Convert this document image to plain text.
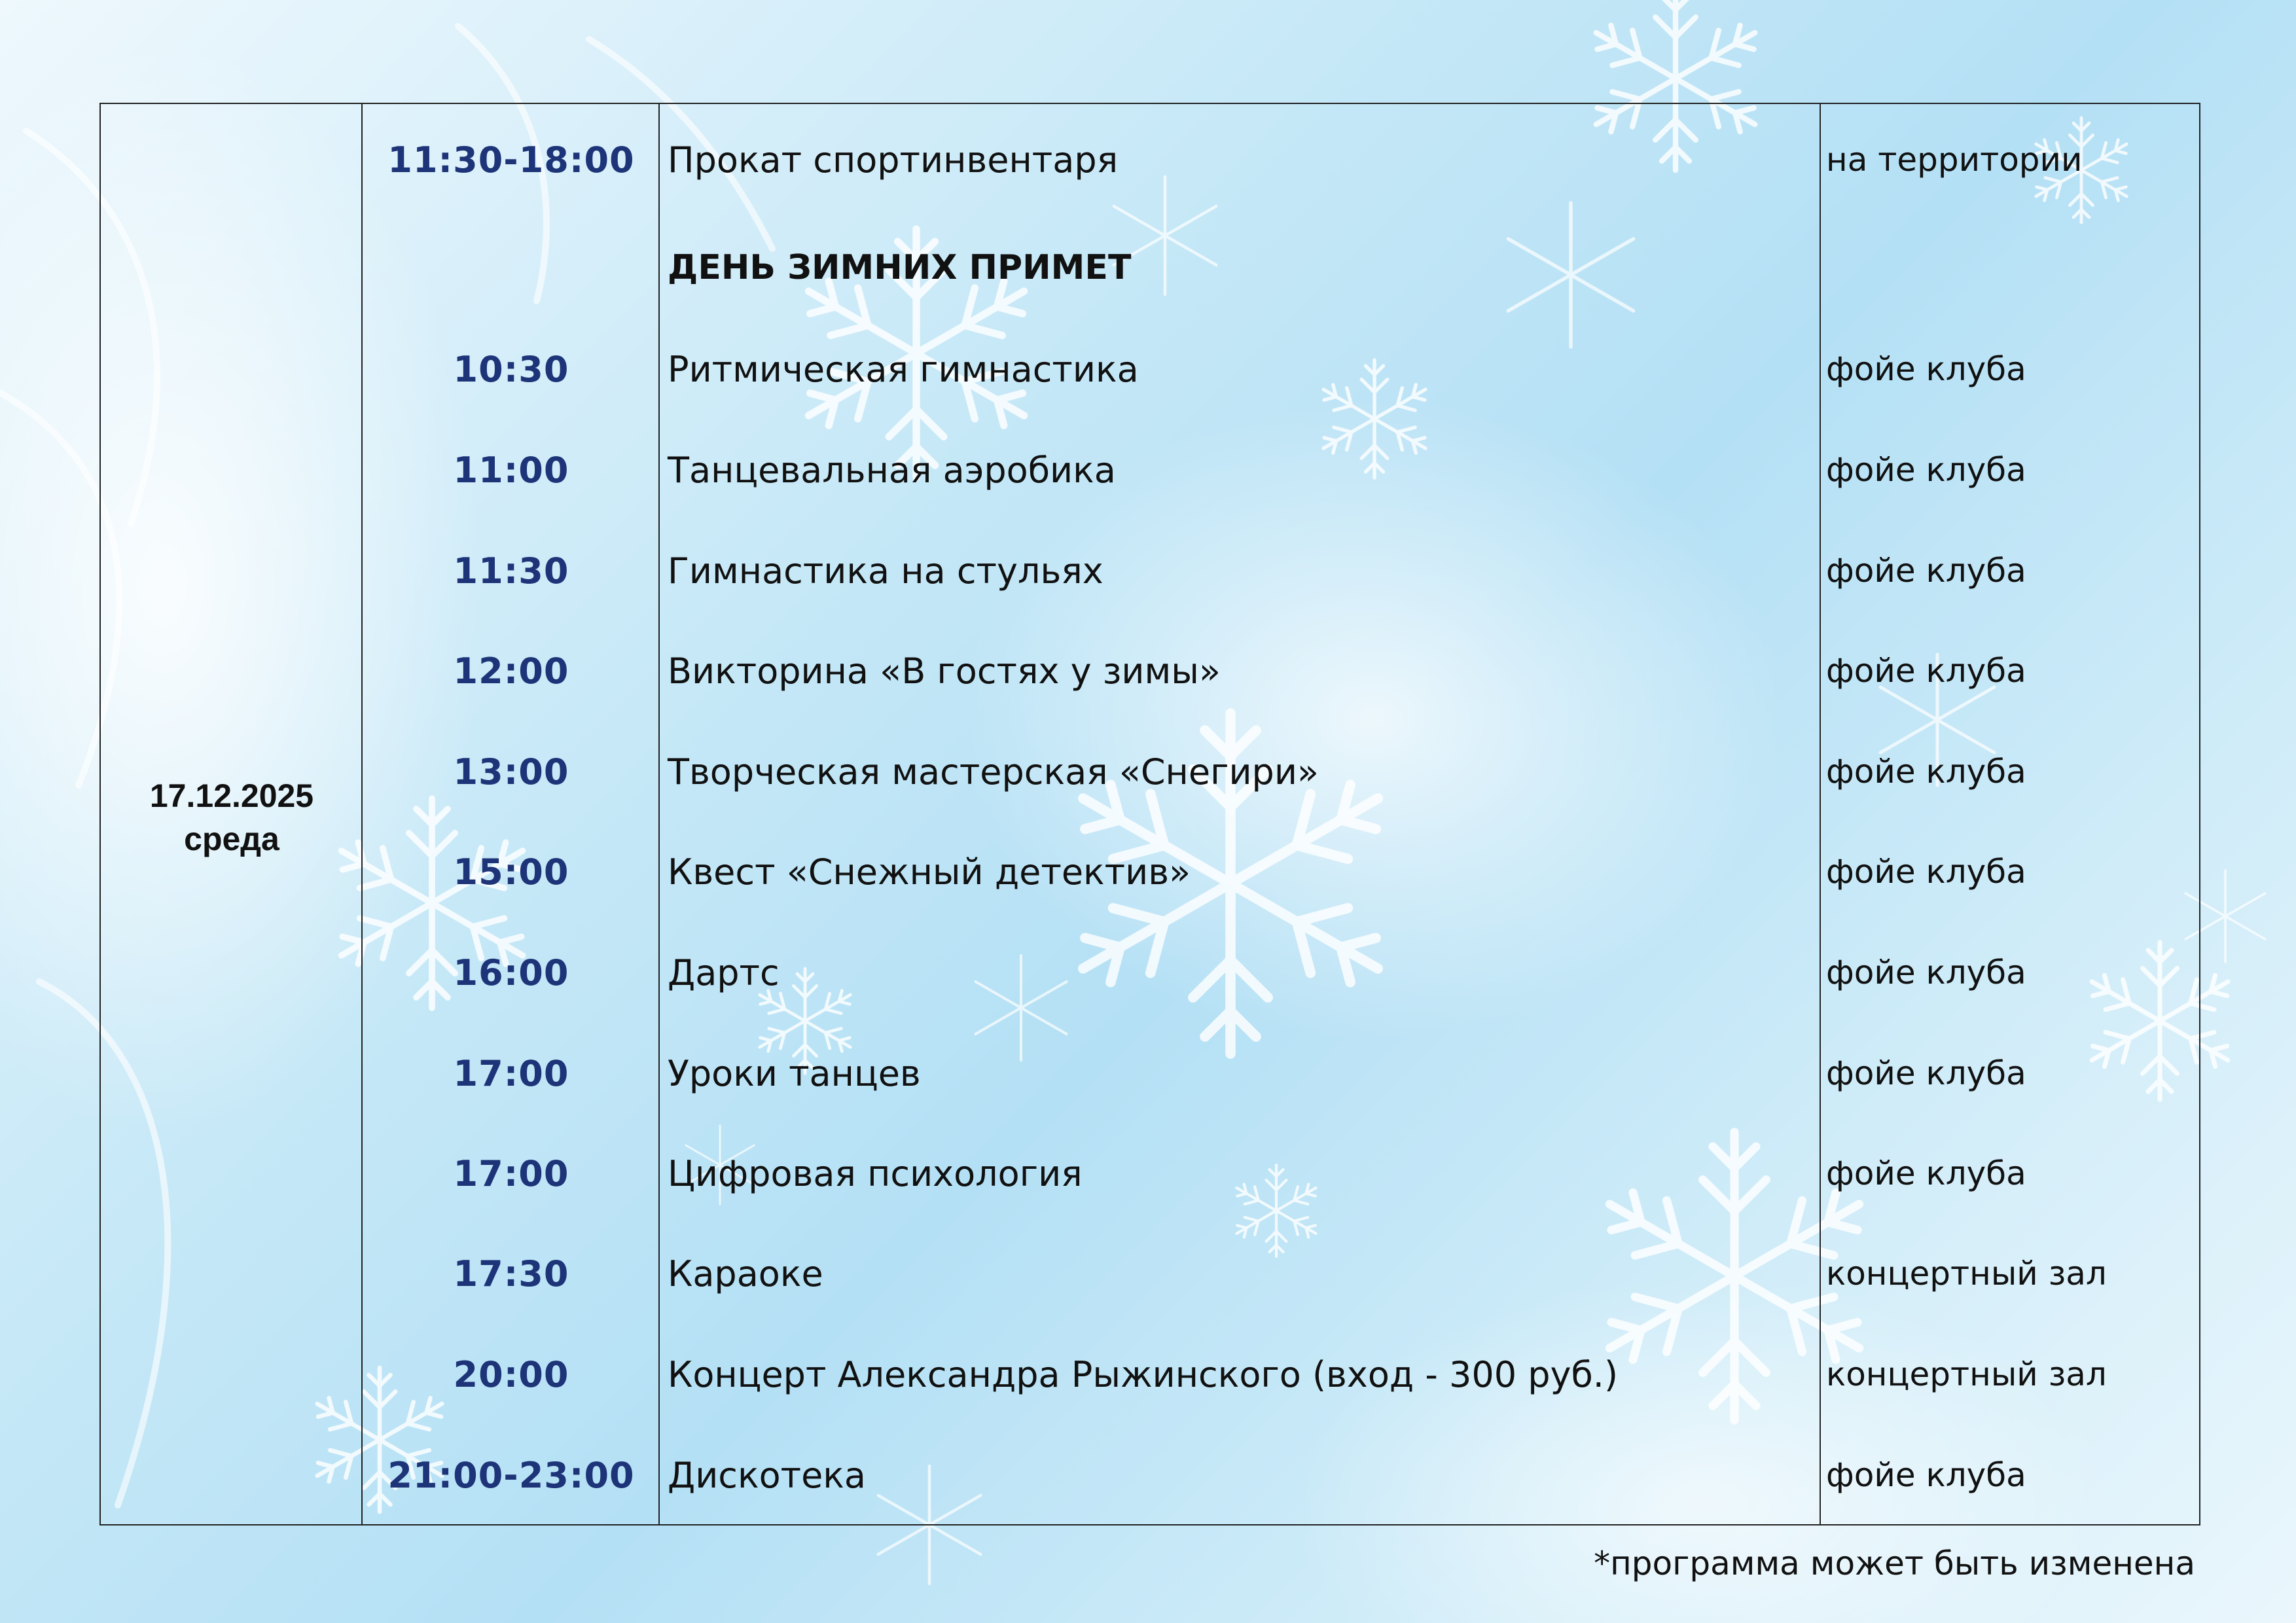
17.12.2025
среда
11:30-18:00 Прокат спортинвентаря	на территории
ДЕНЬ ЗИМНИХ ПРИМЕТ
10:30	Ритмическая гимнастика	фойе клуба
11:00	Танцевальная аэробика	фойе клуба
11:30	Гимнастика на стульях	фойе клуба
12:00	Викторина «В гостях у зимы»	фойе клуба
13:00	Творческая мастерская «Снегири»	фойе клуба
15:00	Квест «Снежный детектив»	фойе клуба
16:00	Дартс	фойе клуба
17:00	Уроки танцев	фойе клуба
17:00	Цифровая психология	фойе клуба
17:30	Караоке	концертный зал
20:00	Концерт Александра Рыжинского (вход - 300 руб.)	концертный зал
21:00-23:00 Дискотека	фойе клуба
*программа может быть изменена
